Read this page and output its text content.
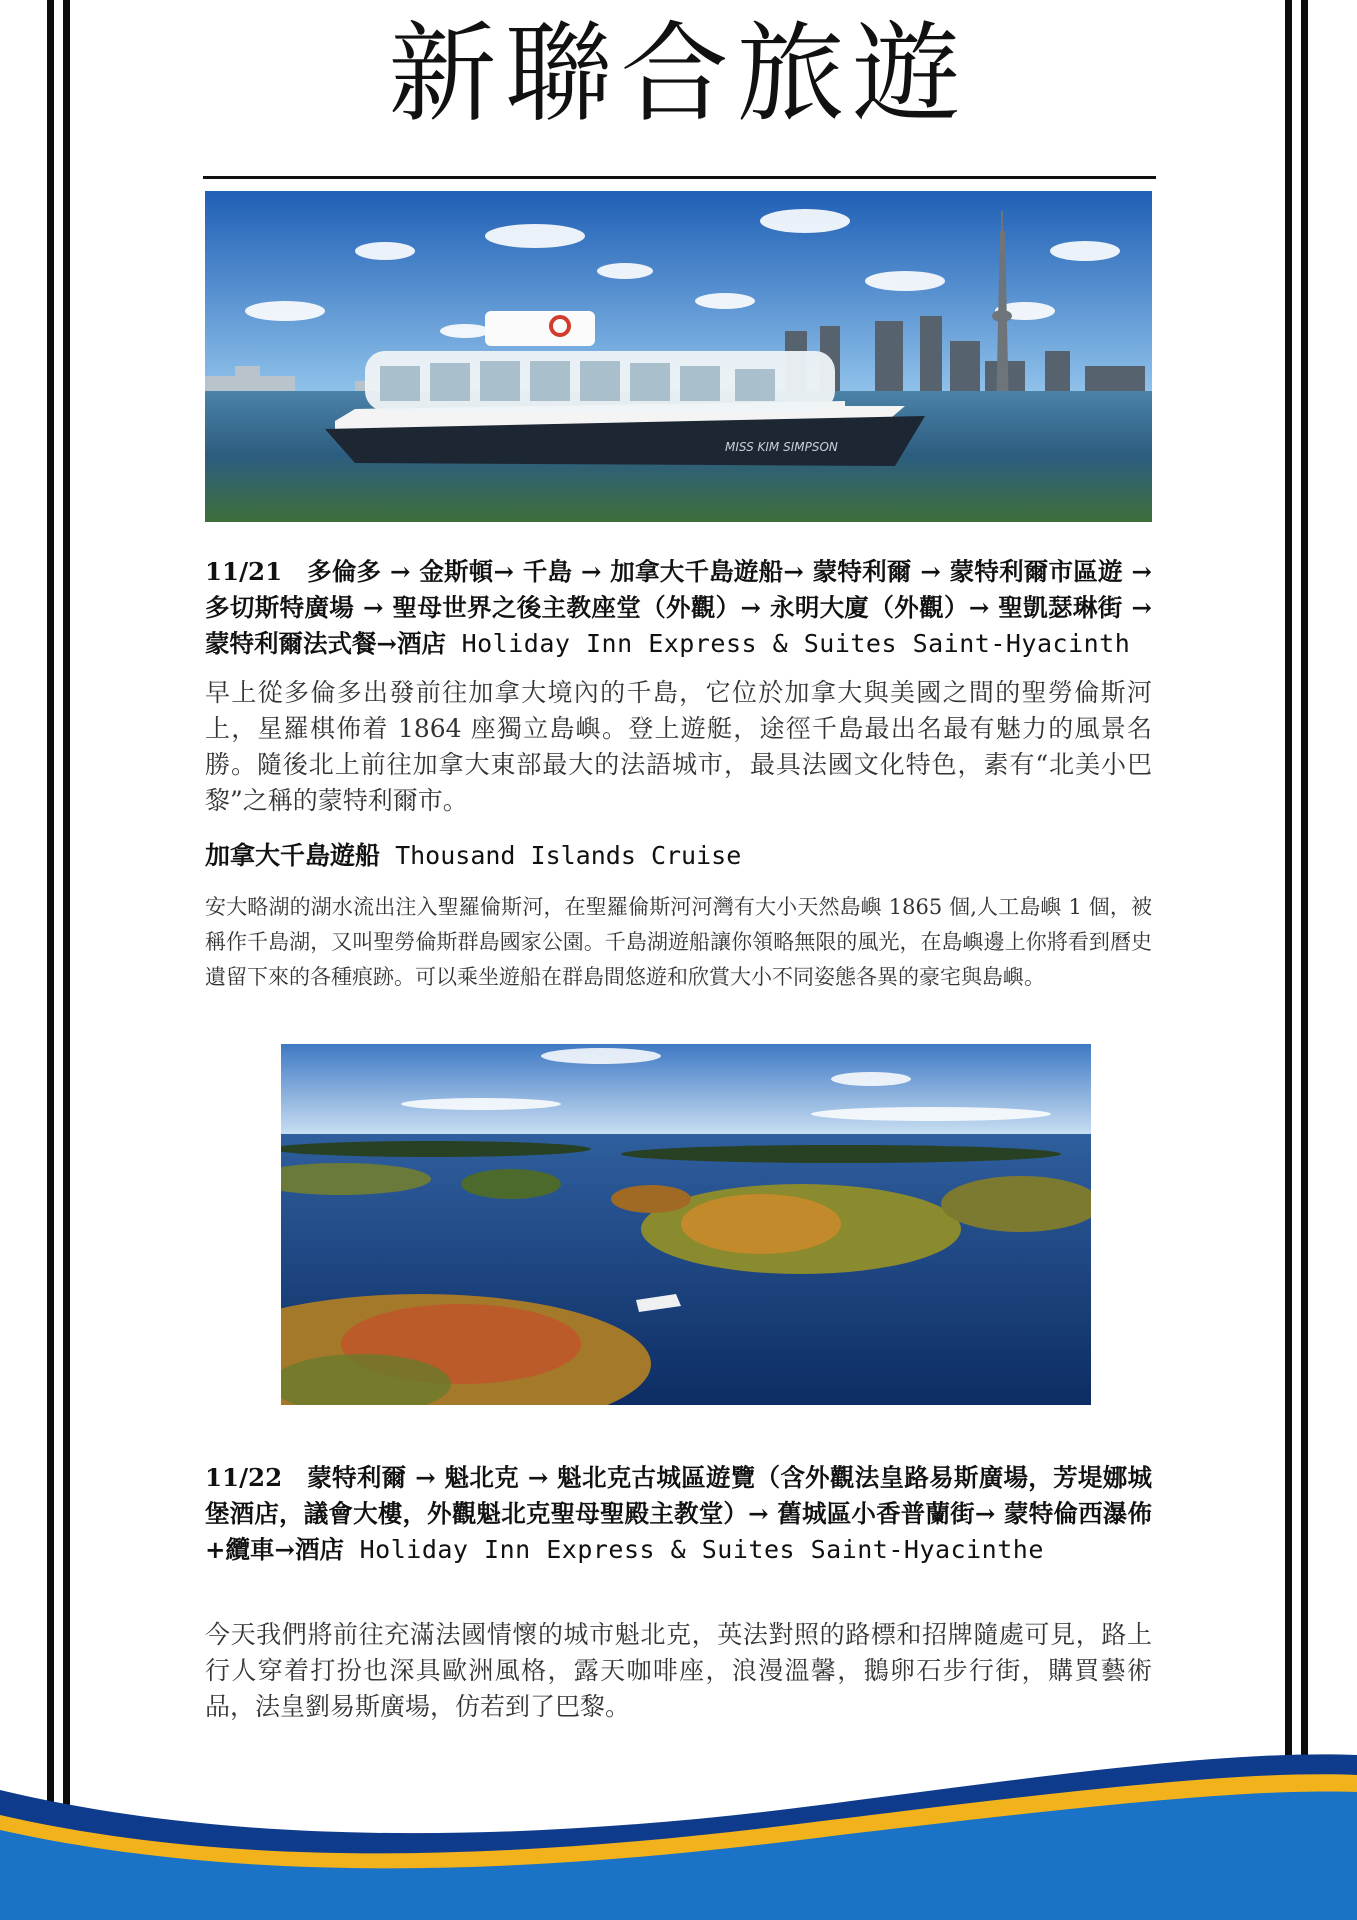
新聯合旅遊
MISS KIM SIMPSON
11/21　多倫多 → 金斯頓→ 千島 → 加拿大千島遊船→ 蒙特利爾 → 蒙特利爾市區遊 → 多切斯特廣場 → 聖母世界之後主教座堂（外觀）→ 永明大廈（外觀）→ 聖凱瑟琳街 →蒙特利爾法式餐→酒店 Holiday Inn Express & Suites Saint-Hyacinth
早上從多倫多出發前往加拿大境內的千島，它位於加拿大與美國之間的聖勞倫斯河上，星羅棋佈着 1864 座獨立島嶼。登上遊艇，途徑千島最出名最有魅力的風景名勝。隨後北上前往加拿大東部最大的法語城市，最具法國文化特色，素有“北美小巴黎”之稱的蒙特利爾市。
加拿大千島遊船 Thousand Islands Cruise
安大略湖的湖水流出注入聖羅倫斯河，在聖羅倫斯河河灣有大小天然島嶼 1865 個,人工島嶼 1 個，被稱作千島湖，又叫聖勞倫斯群島國家公園。千島湖遊船讓你領略無限的風光，在島嶼邊上你將看到曆史遺留下來的各種痕跡。可以乘坐遊船在群島間悠遊和欣賞大小不同姿態各異的豪宅與島嶼。
11/22　蒙特利爾 → 魁北克 → 魁北克古城區遊覽（含外觀法皇路易斯廣場，芳堤娜城堡酒店，議會大樓，外觀魁北克聖母聖殿主教堂）→ 舊城區小香普蘭街→ 蒙特倫西瀑佈+纜車→酒店 Holiday Inn Express & Suites Saint-Hyacinthe
今天我們將前往充滿法國情懷的城市魁北克，英法對照的路標和招牌隨處可見，路上行人穿着打扮也深具歐洲風格，露天咖啡座，浪漫溫馨，鵝卵石步行街，購買藝術品，法皇劉易斯廣場，仿若到了巴黎。
